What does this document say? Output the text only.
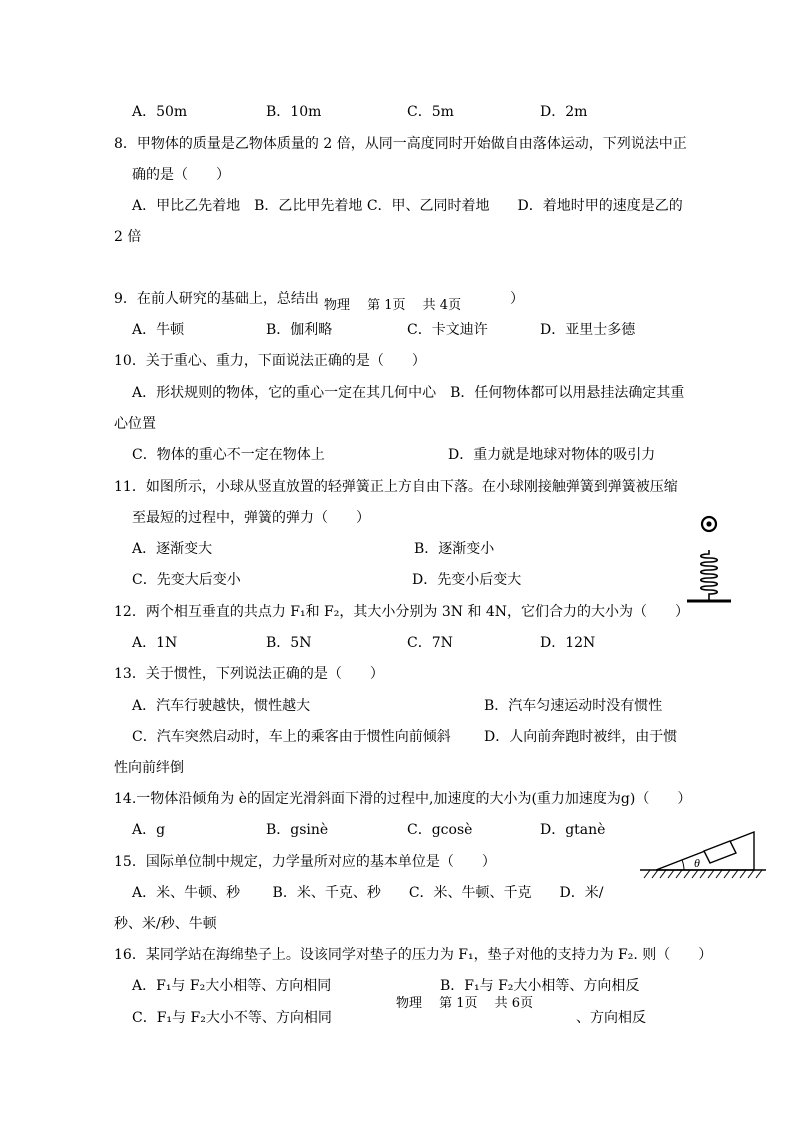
A．50m	B．10m	C．5m	D．2m
8．甲物体的质量是乙物体质量的 2 倍，从同一高度同时开始做自由落体运动，下列说法中正
确的是（　　）
A．甲比乙先着地　B．乙比甲先着地 C．甲、乙同时着地　　D．着地时甲的速度是乙的
2 倍
9．在前人研究的基础上，总结出	）
物理　 第 1页　 共 4页
A．牛顿	B．伽利略	C．卡文迪许	D．亚里士多德
10．关于重心、重力，下面说法正确的是（　　）
A．形状规则的物体，它的重心一定在其几何中心　B．任何物体都可以用悬挂法确定其重
心位置
C．物体的重心不一定在物体上	D．重力就是地球对物体的吸引力
11．如图所示，小球从竖直放置的轻弹簧正上方自由下落。在小球刚接触弹簧到弹簧被压缩
至最短的过程中，弹簧的弹力（　　）
A．逐渐变大	B．逐渐变小
C．先变大后变小	D．先变小后变大
12．两个相互垂直的共点力 F₁和 F₂，其大小分别为 3N 和 4N，它们合力的大小为（　　）
A．1N	B．5N	C．7N	D．12N
13．关于惯性，下列说法正确的是（　　）
A．汽车行驶越快，惯性越大	B．汽车匀速运动时没有惯性
C．汽车突然启动时，车上的乘客由于惯性向前倾斜 D．人向前奔跑时被绊，由于惯
性向前绊倒
14.一物体沿倾角为 è的固定光滑斜面下滑的过程中,加速度的大小为(重力加速度为g)（　　）
A．g	B．gsinè	C．gcosè	D．gtanè
θ
15．国际单位制中规定，力学量所对应的基本单位是（　　）
A．米、牛顿、秒　　 B．米、千克、秒　　C．米、牛顿、千克　　D．米/
秒、米/秒、牛顿
16．某同学站在海绵垫子上。设该同学对垫子的压力为 F₁，垫子对他的支持力为 F₂. 则（　　）
A．F₁与 F₂大小相等、方向相同	B．F₁与 F₂大小相等、方向相反
C．F₁与 F₂大小不等、方向相同	、方向相反
物理　 第 1页　 共 6页
